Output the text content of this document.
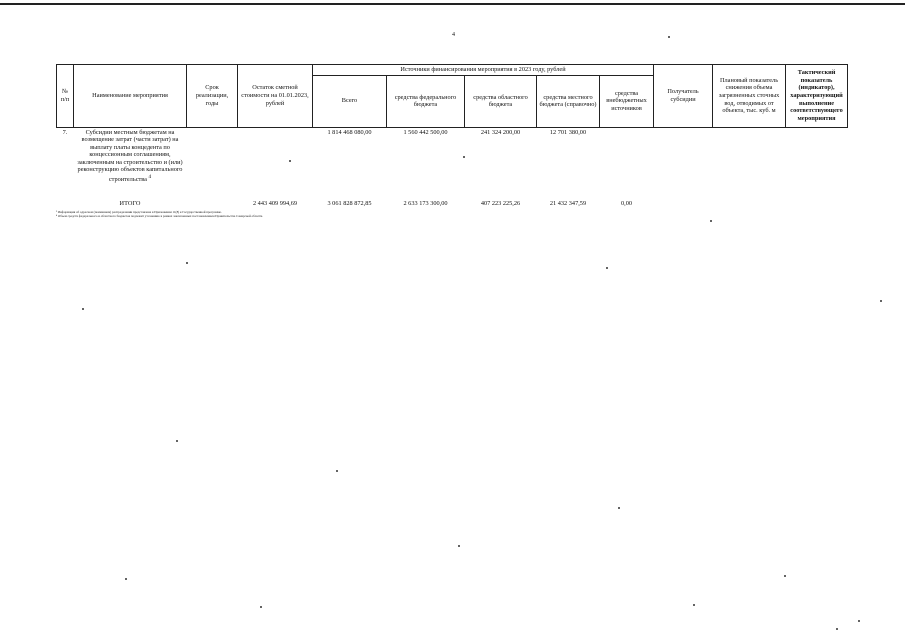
4
№ п/п	Наименование мероприятия	Срок реализации, годы	Остаток сметной стоимости на 01.01.2023, рублей	Источники финансирования мероприятия в 2023 году, рублей					Получатель субсидии	Плановый показатель снижения объема загрязненных сточных вод, отводимых от объекта, тыс. куб. м	Тактический показатель (индикатор), характеризующий выполнение соответствующего мероприятия
				Всего	средства федерального бюджета	средства областного бюджета	средства местного бюджета (справочно)	средства внебюджетных источников			
7.	Субсидии местным бюджетам на возмещение затрат (части затрат) на выплату платы концедента по концессионным соглашениям, заключенным на строительство и (или) реконструкцию объектов капитального строительства $^4$			1 814 468 080,00	1 560 442 500,00	241 324 200,00	12 701 380,00				
	ИТОГО		2 443 409 994,69	3 061 828 872,85	2 633 173 300,00	407 223 225,26	21 432 347,59	0,00			
³ Информация об адресном (поименном) распределении представлена в Приложении 11(8) к Государственной программе.
⁴ Объем средств федерального и областного бюджетов подлежит уточнению в рамках заключенных постановлением Правительства Самарской области.
